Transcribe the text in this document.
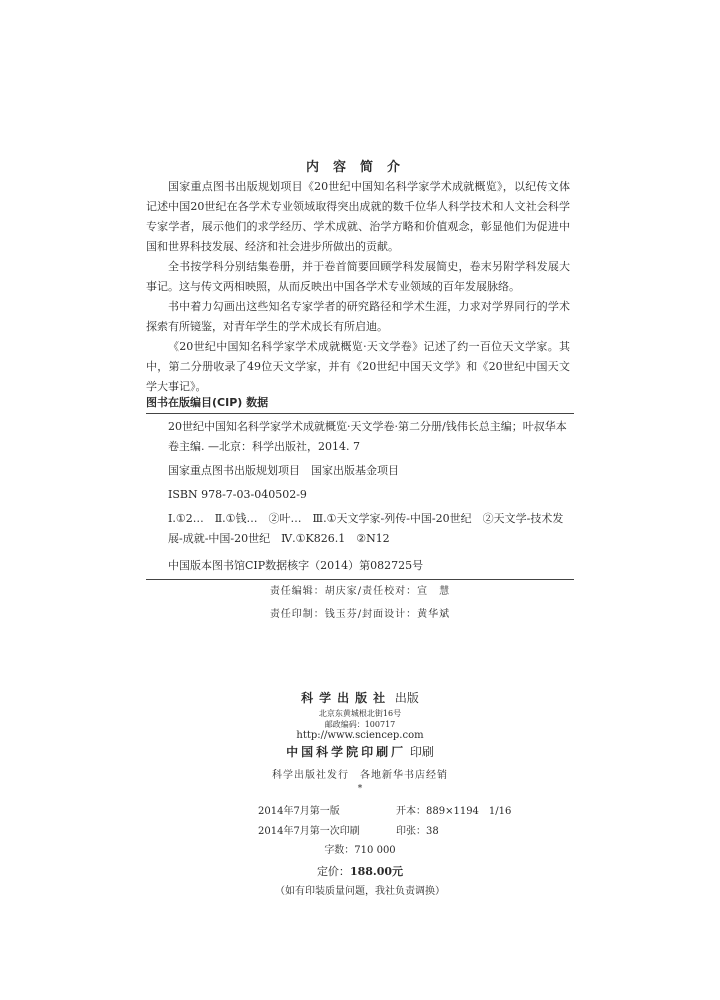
内容简介

国家重点图书出版规划项目《20世纪中国知名科学家学术成就概览》，以纪传文体记述中国20世纪在各学术专业领域取得突出成就的数千位华人科学技术和人文社会科学专家学者，展示他们的求学经历、学术成就、治学方略和价值观念，彰显他们为促进中国和世界科技发展、经济和社会进步所做出的贡献。

全书按学科分别结集卷册，并于卷首简要回顾学科发展简史，卷末另附学科发展大事记。这与传文两相映照，从而反映出中国各学术专业领域的百年发展脉络。

书中着力勾画出这些知名专家学者的研究路径和学术生涯，力求对学界同行的学术探索有所镜鉴，对青年学生的学术成长有所启迪。

《20世纪中国知名科学家学术成就概览·天文学卷》记述了约一百位天文学家。其中，第二分册收录了49位天文学家，并有《20世纪中国天文学》和《20世纪中国天文学大事记》。

图书在版编目(CIP) 数据

20世纪中国知名科学家学术成就概览·天文学卷·第二分册/钱伟长总主编；叶叔华本卷主编. —北京：科学出版社，2014. 7

国家重点图书出版规划项目　国家出版基金项目

ISBN 978-7-03-040502-9

Ⅰ.①2…　Ⅱ.①钱…　②叶…　Ⅲ.①天文学家-列传-中国-20世纪　②天文学-技术发展-成就-中国-20世纪　Ⅳ.①K826.1　②N12

中国版本图书馆CIP数据核字（2014）第082725号
责任编辑：胡庆家/责任校对：宣　慧
责任印制：钱玉芬/封面设计：黄华斌
科学出版社 出版
北京东黄城根北街16号
邮政编码：100717
http://www.sciencep.com
中国科学院印刷厂 印刷
科学出版社发行　各地新华书店经销
*
2014年7月第一版	开本：889×1194　1/16
2014年7月第一次印刷	印张：38
字数：710 000
定价：188.00元
（如有印装质量问题，我社负责调换）
